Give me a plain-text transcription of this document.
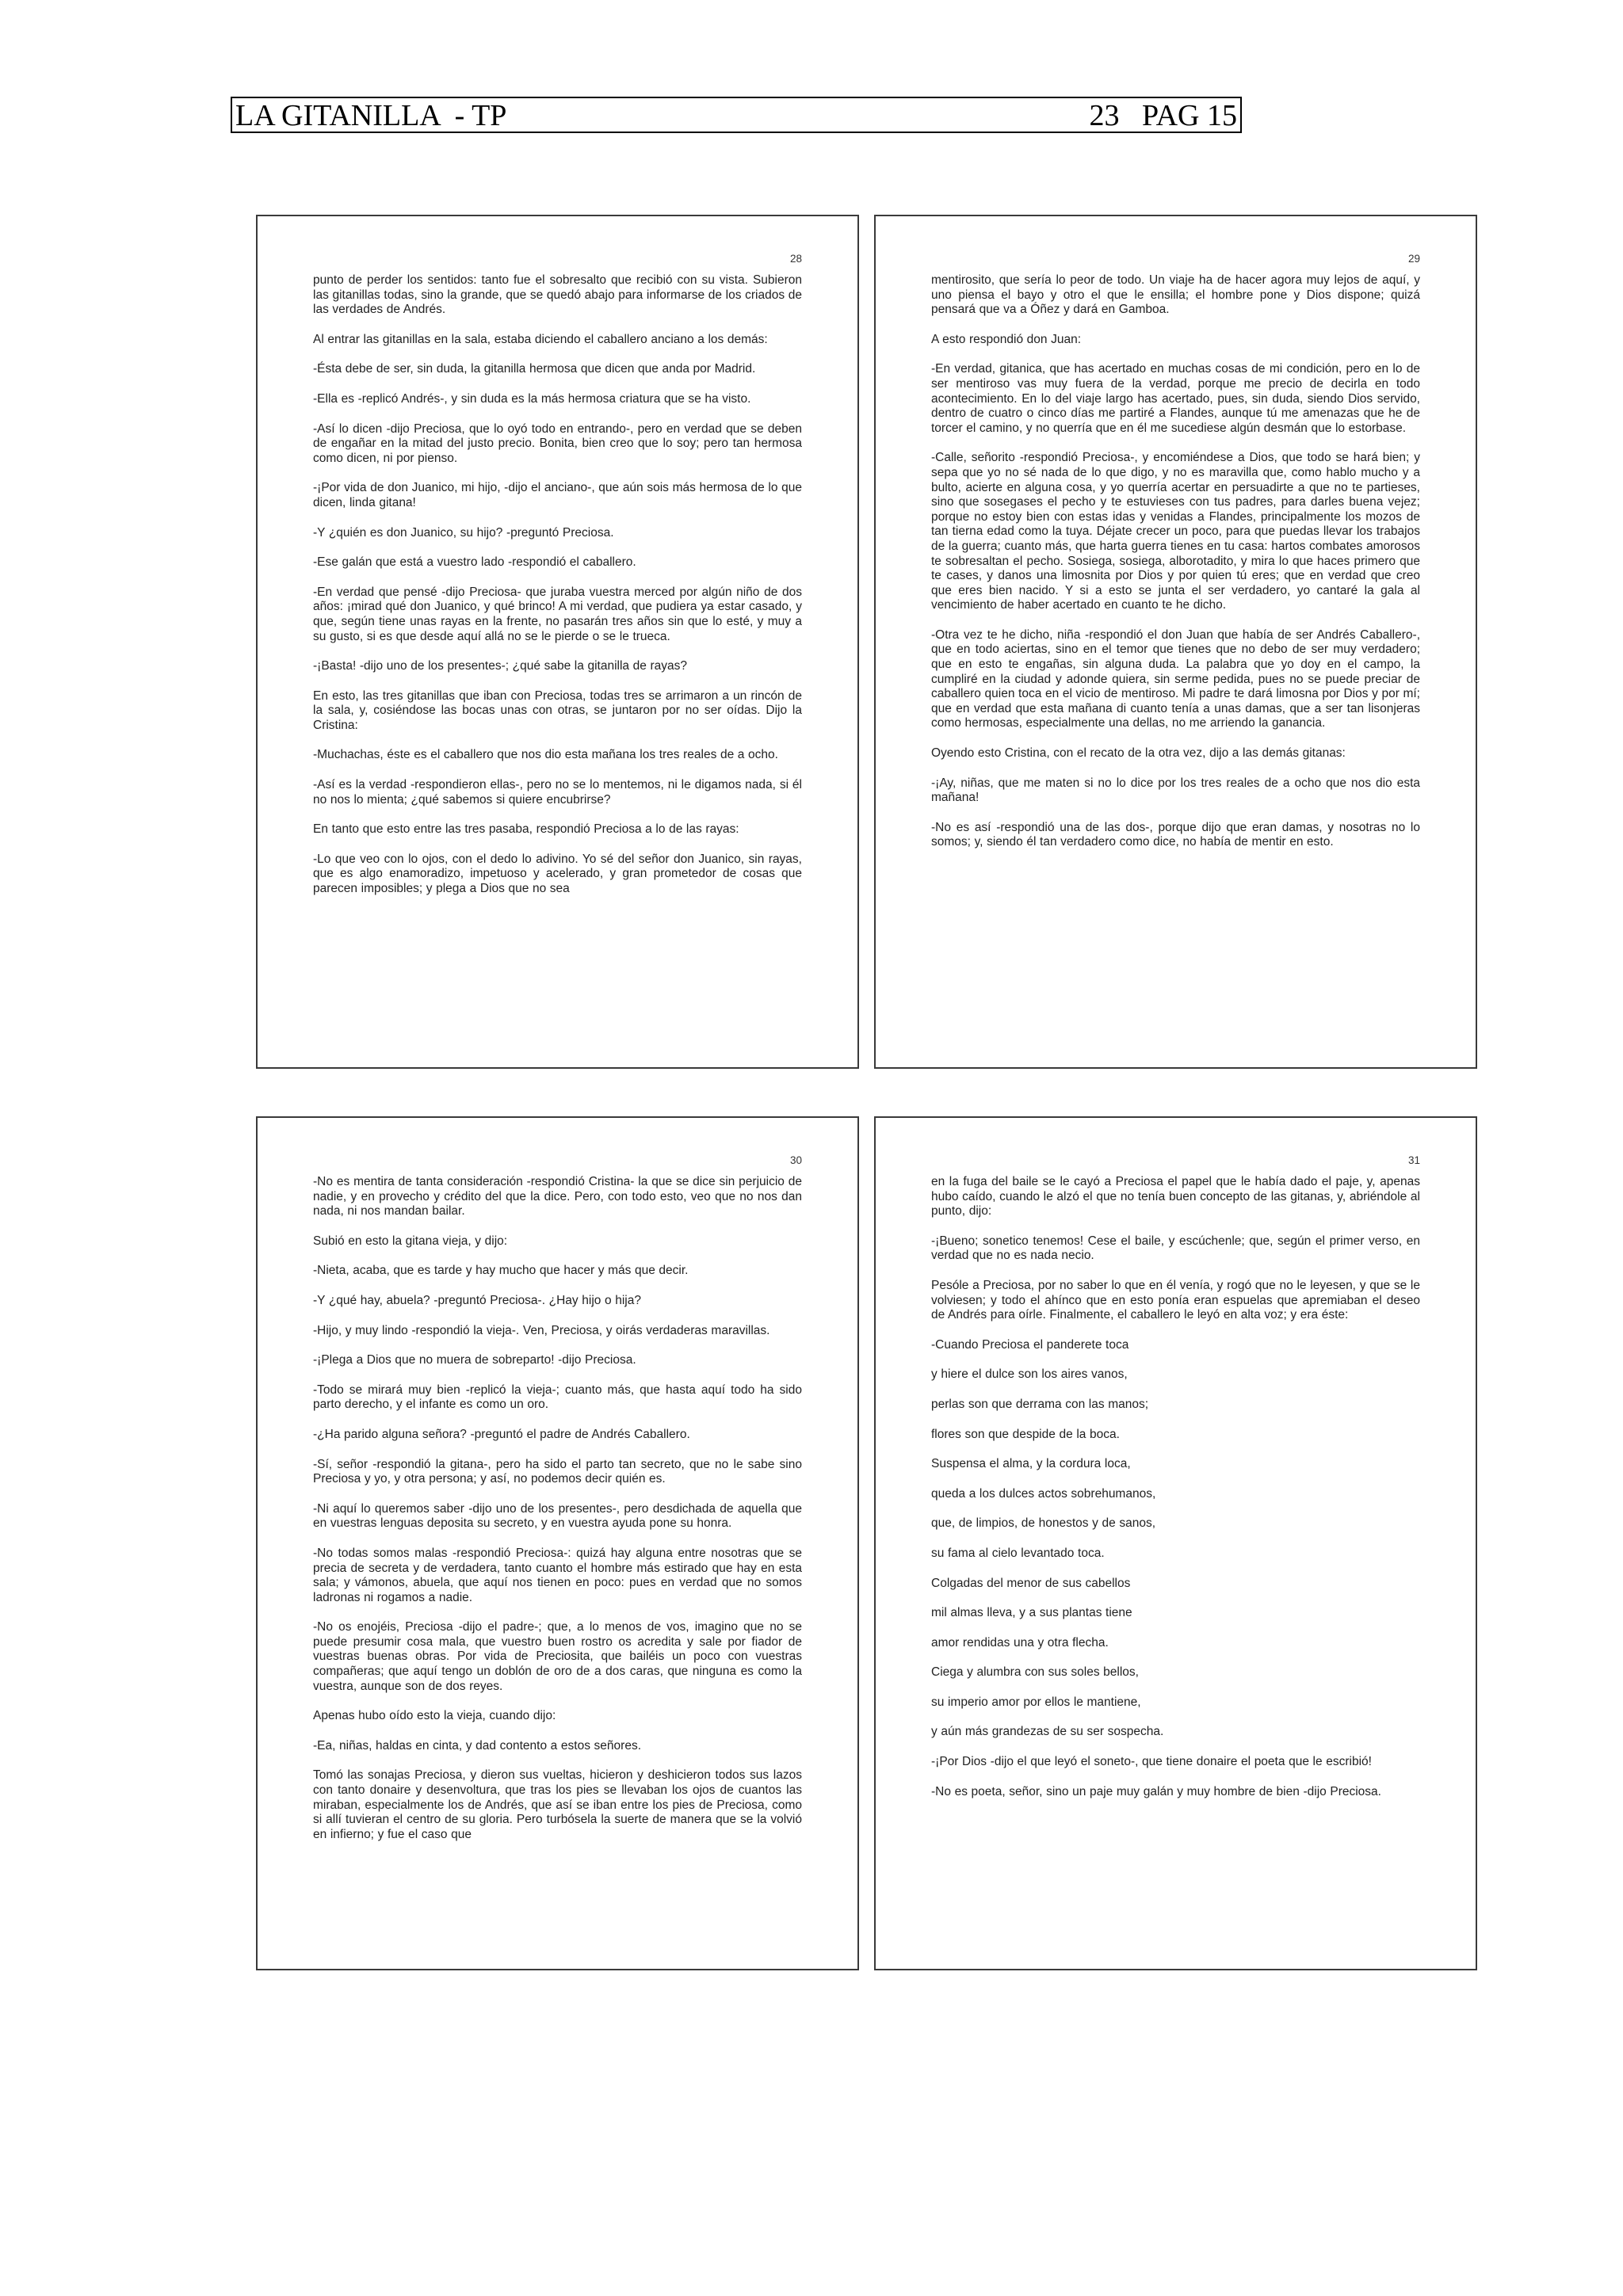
LA GITANILLA  - TP	23   PAG 15
28

punto de perder los sentidos: tanto fue el sobresalto que recibió con su vista. Subieron las gitanillas todas, sino la grande, que se quedó abajo para informarse de los criados de las verdades de Andrés.

Al entrar las gitanillas en la sala, estaba diciendo el caballero anciano a los demás:

-Ésta debe de ser, sin duda, la gitanilla hermosa que dicen que anda por Madrid.

-Ella es -replicó Andrés-, y sin duda es la más hermosa criatura que se ha visto.

-Así lo dicen -dijo Preciosa, que lo oyó todo en entrando-, pero en verdad que se deben de engañar en la mitad del justo precio. Bonita, bien creo que lo soy; pero tan hermosa como dicen, ni por pienso.

-¡Por vida de don Juanico, mi hijo, -dijo el anciano-, que aún sois más hermosa de lo que dicen, linda gitana!

-Y ¿quién es don Juanico, su hijo? -preguntó Preciosa.

-Ese galán que está a vuestro lado -respondió el caballero.

-En verdad que pensé -dijo Preciosa- que juraba vuestra merced por algún niño de dos años: ¡mirad qué don Juanico, y qué brinco! A mi verdad, que pudiera ya estar casado, y que, según tiene unas rayas en la frente, no pasarán tres años sin que lo esté, y muy a su gusto, si es que desde aquí allá no se le pierde o se le trueca.

-¡Basta! -dijo uno de los presentes-; ¿qué sabe la gitanilla de rayas?

En esto, las tres gitanillas que iban con Preciosa, todas tres se arrimaron a un rincón de la sala, y, cosiéndose las bocas unas con otras, se juntaron por no ser oídas. Dijo la Cristina:

-Muchachas, éste es el caballero que nos dio esta mañana los tres reales de a ocho.

-Así es la verdad -respondieron ellas-, pero no se lo mentemos, ni le digamos nada, si él no nos lo mienta; ¿qué sabemos si quiere encubrirse?

En tanto que esto entre las tres pasaba, respondió Preciosa a lo de las rayas:

-Lo que veo con lo ojos, con el dedo lo adivino. Yo sé del señor don Juanico, sin rayas, que es algo enamoradizo, impetuoso y acelerado, y gran prometedor de cosas que parecen imposibles; y plega a Dios que no sea

29

mentirosito, que sería lo peor de todo. Un viaje ha de hacer agora muy lejos de aquí, y uno piensa el bayo y otro el que le ensilla; el hombre pone y Dios dispone; quizá pensará que va a Óñez y dará en Gamboa.

A esto respondió don Juan:

-En verdad, gitanica, que has acertado en muchas cosas de mi condición, pero en lo de ser mentiroso vas muy fuera de la verdad, porque me precio de decirla en todo acontecimiento. En lo del viaje largo has acertado, pues, sin duda, siendo Dios servido, dentro de cuatro o cinco días me partiré a Flandes, aunque tú me amenazas que he de torcer el camino, y no querría que en él me sucediese algún desmán que lo estorbase.

-Calle, señorito -respondió Preciosa-, y encomiéndese a Dios, que todo se hará bien; y sepa que yo no sé nada de lo que digo, y no es maravilla que, como hablo mucho y a bulto, acierte en alguna cosa, y yo querría acertar en persuadirte a que no te partieses, sino que sosegases el pecho y te estuvieses con tus padres, para darles buena vejez; porque no estoy bien con estas idas y venidas a Flandes, principalmente los mozos de tan tierna edad como la tuya. Déjate crecer un poco, para que puedas llevar los trabajos de la guerra; cuanto más, que harta guerra tienes en tu casa: hartos combates amorosos te sobresaltan el pecho. Sosiega, sosiega, alborotadito, y mira lo que haces primero que te cases, y danos una limosnita por Dios y por quien tú eres; que en verdad que creo que eres bien nacido. Y si a esto se junta el ser verdadero, yo cantaré la gala al vencimiento de haber acertado en cuanto te he dicho.

-Otra vez te he dicho, niña -respondió el don Juan que había de ser Andrés Caballero-, que en todo aciertas, sino en el temor que tienes que no debo de ser muy verdadero; que en esto te engañas, sin alguna duda. La palabra que yo doy en el campo, la cumpliré en la ciudad y adonde quiera, sin serme pedida, pues no se puede preciar de caballero quien toca en el vicio de mentiroso. Mi padre te dará limosna por Dios y por mí; que en verdad que esta mañana di cuanto tenía a unas damas, que a ser tan lisonjeras como hermosas, especialmente una dellas, no me arriendo la ganancia.

Oyendo esto Cristina, con el recato de la otra vez, dijo a las demás gitanas:

-¡Ay, niñas, que me maten si no lo dice por los tres reales de a ocho que nos dio esta mañana!

-No es así -respondió una de las dos-, porque dijo que eran damas, y nosotras no lo somos; y, siendo él tan verdadero como dice, no había de mentir en esto.

30

-No es mentira de tanta consideración -respondió Cristina- la que se dice sin perjuicio de nadie, y en provecho y crédito del que la dice. Pero, con todo esto, veo que no nos dan nada, ni nos mandan bailar.

Subió en esto la gitana vieja, y dijo:

-Nieta, acaba, que es tarde y hay mucho que hacer y más que decir.

-Y ¿qué hay, abuela? -preguntó Preciosa-. ¿Hay hijo o hija?

-Hijo, y muy lindo -respondió la vieja-. Ven, Preciosa, y oirás verdaderas maravillas.

-¡Plega a Dios que no muera de sobreparto! -dijo Preciosa.

-Todo se mirará muy bien -replicó la vieja-; cuanto más, que hasta aquí todo ha sido parto derecho, y el infante es como un oro.

-¿Ha parido alguna señora? -preguntó el padre de Andrés Caballero.

-Sí, señor -respondió la gitana-, pero ha sido el parto tan secreto, que no le sabe sino Preciosa y yo, y otra persona; y así, no podemos decir quién es.

-Ni aquí lo queremos saber -dijo uno de los presentes-, pero desdichada de aquella que en vuestras lenguas deposita su secreto, y en vuestra ayuda pone su honra.

-No todas somos malas -respondió Preciosa-: quizá hay alguna entre nosotras que se precia de secreta y de verdadera, tanto cuanto el hombre más estirado que hay en esta sala; y vámonos, abuela, que aquí nos tienen en poco: pues en verdad que no somos ladronas ni rogamos a nadie.

-No os enojéis, Preciosa -dijo el padre-; que, a lo menos de vos, imagino que no se puede presumir cosa mala, que vuestro buen rostro os acredita y sale por fiador de vuestras buenas obras. Por vida de Preciosita, que bailéis un poco con vuestras compañeras; que aquí tengo un doblón de oro de a dos caras, que ninguna es como la vuestra, aunque son de dos reyes.

Apenas hubo oído esto la vieja, cuando dijo:

-Ea, niñas, haldas en cinta, y dad contento a estos señores.

Tomó las sonajas Preciosa, y dieron sus vueltas, hicieron y deshicieron todos sus lazos con tanto donaire y desenvoltura, que tras los pies se llevaban los ojos de cuantos las miraban, especialmente los de Andrés, que así se iban entre los pies de Preciosa, como si allí tuvieran el centro de su gloria. Pero turbósela la suerte de manera que se la volvió en infierno; y fue el caso que

31

en la fuga del baile se le cayó a Preciosa el papel que le había dado el paje, y, apenas hubo caído, cuando le alzó el que no tenía buen concepto de las gitanas, y, abriéndole al punto, dijo:

-¡Bueno; sonetico tenemos! Cese el baile, y escúchenle; que, según el primer verso, en verdad que no es nada necio.

Pesóle a Preciosa, por no saber lo que en él venía, y rogó que no le leyesen, y que se le volviesen; y todo el ahínco que en esto ponía eran espuelas que apremiaban el deseo de Andrés para oírle. Finalmente, el caballero le leyó en alta voz; y era éste:

-Cuando Preciosa el panderete toca

y hiere el dulce son los aires vanos,

perlas son que derrama con las manos;

flores son que despide de la boca.

Suspensa el alma, y la cordura loca,

queda a los dulces actos sobrehumanos,

que, de limpios, de honestos y de sanos,

su fama al cielo levantado toca.

Colgadas del menor de sus cabellos

mil almas lleva, y a sus plantas tiene

amor rendidas una y otra flecha.

Ciega y alumbra con sus soles bellos,

su imperio amor por ellos le mantiene,

y aún más grandezas de su ser sospecha.

-¡Por Dios -dijo el que leyó el soneto-, que tiene donaire el poeta que le escribió!

-No es poeta, señor, sino un paje muy galán y muy hombre de bien -dijo Preciosa.
